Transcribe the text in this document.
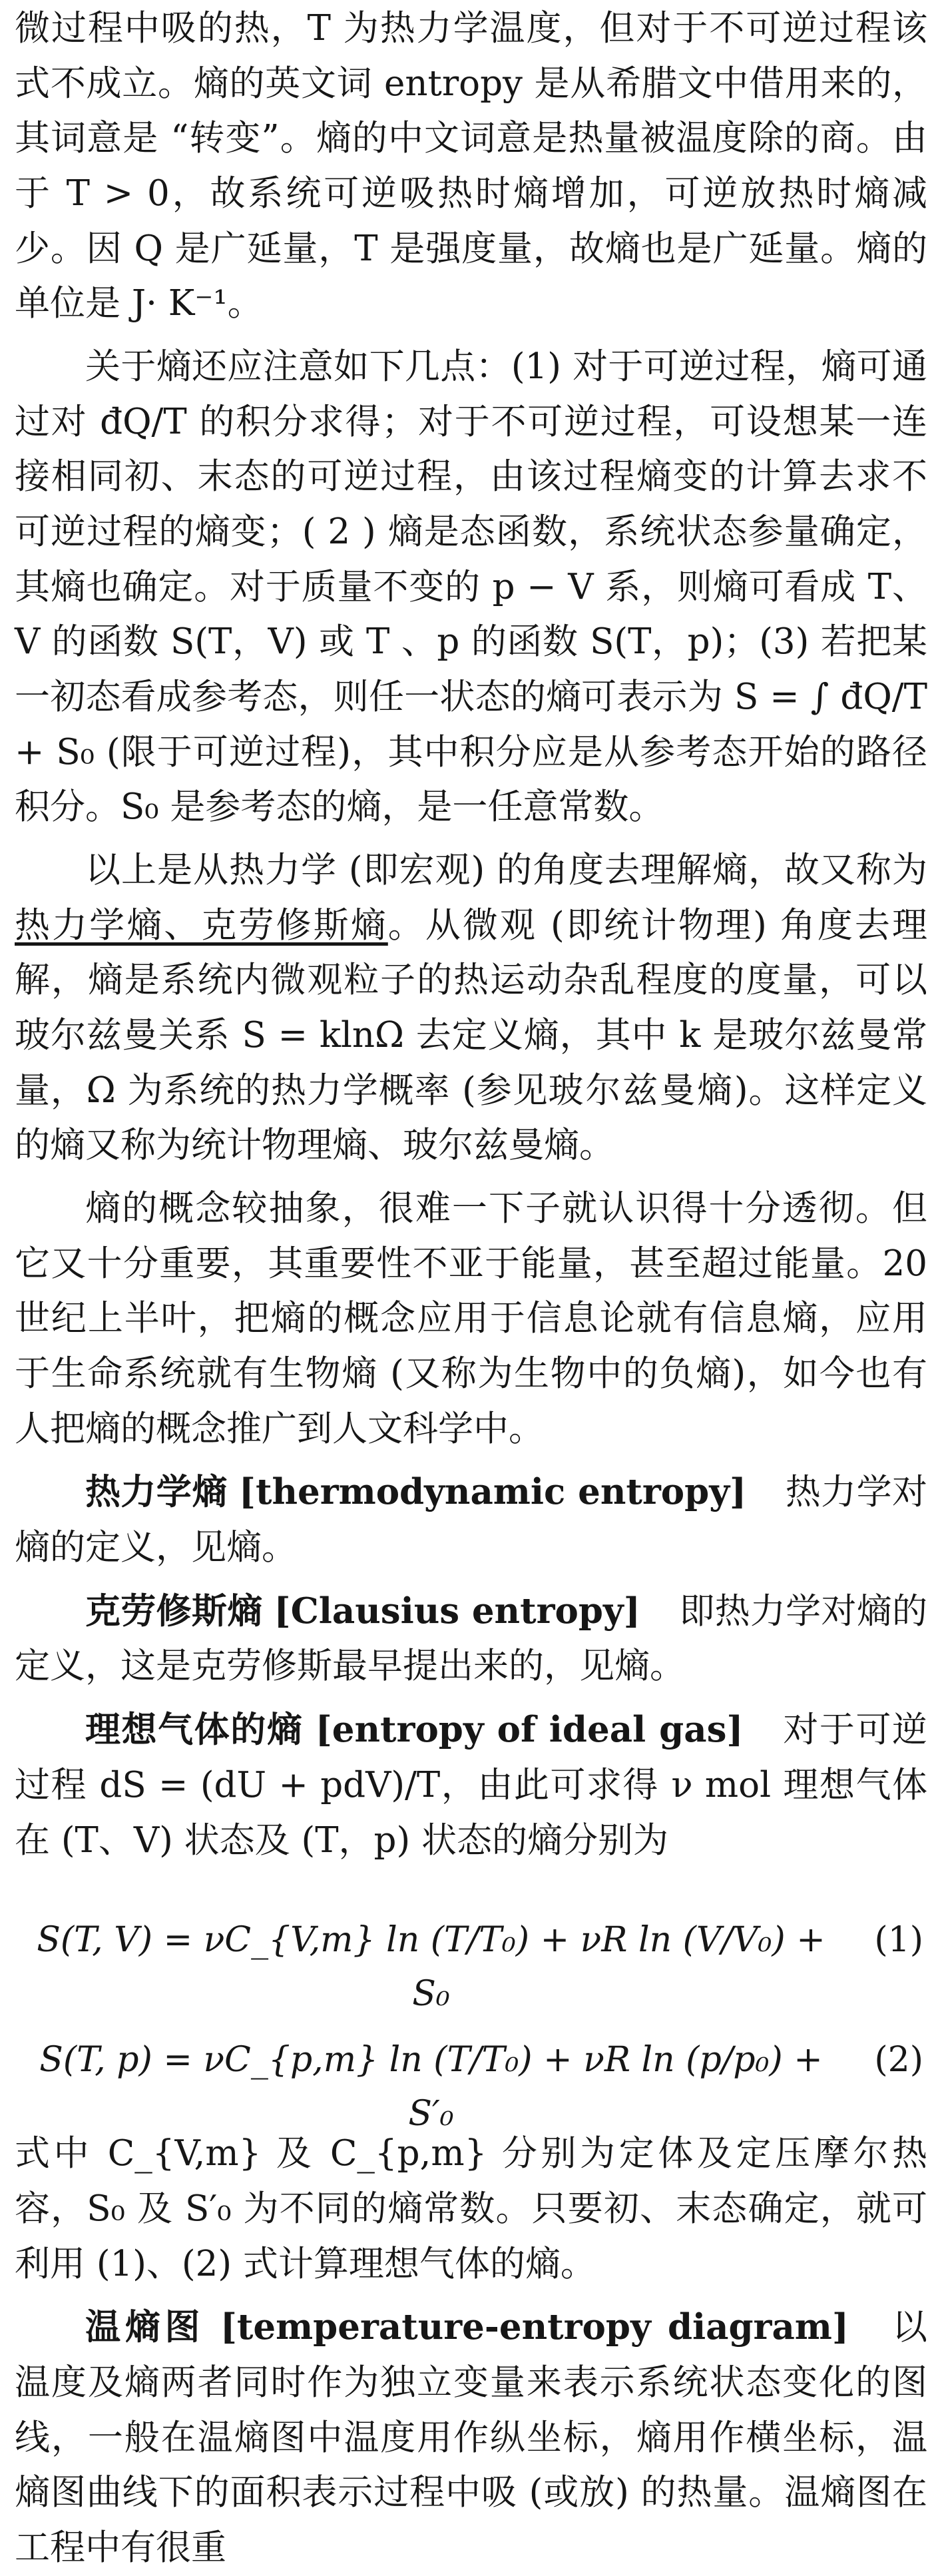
微过程中吸的热，T 为热力学温度，但对于不可逆过程该式不成立。熵的英文词 entropy 是从希腊文中借用来的，其词意是 “转变”。熵的中文词意是热量被温度除的商。由于 T > 0，故系统可逆吸热时熵增加，可逆放热时熵减少。因 Q 是广延量，T 是强度量，故熵也是广延量。熵的单位是 J· K⁻¹。

关于熵还应注意如下几点：(1) 对于可逆过程，熵可通过对 đQ/T 的积分求得；对于不可逆过程，可设想某一连接相同初、末态的可逆过程，由该过程熵变的计算去求不可逆过程的熵变；( 2 ) 熵是态函数，系统状态参量确定，其熵也确定。对于质量不变的 p − V 系，则熵可看成 T、V 的函数 S(T，V) 或 T 、p 的函数 S(T，p)；(3) 若把某一初态看成参考态，则任一状态的熵可表示为 S = ∫ đQ/T + S₀ (限于可逆过程)，其中积分应是从参考态开始的路径积分。S₀ 是参考态的熵，是一任意常数。

以上是从热力学 (即宏观) 的角度去理解熵，故又称为热力学熵、克劳修斯熵。从微观 (即统计物理) 角度去理解，熵是系统内微观粒子的热运动杂乱程度的度量，可以玻尔兹曼关系 S = klnΩ 去定义熵，其中 k 是玻尔兹曼常量，Ω 为系统的热力学概率 (参见玻尔兹曼熵)。这样定义的熵又称为统计物理熵、玻尔兹曼熵。

熵的概念较抽象，很难一下子就认识得十分透彻。但它又十分重要，其重要性不亚于能量，甚至超过能量。20 世纪上半叶，把熵的概念应用于信息论就有信息熵，应用于生命系统就有生物熵 (又称为生物中的负熵)，如今也有人把熵的概念推广到人文科学中。

热力学熵 [thermodynamic entropy] 热力学对熵的定义，见熵。

克劳修斯熵 [Clausius entropy] 即热力学对熵的定义，这是克劳修斯最早提出来的，见熵。

理想气体的熵 [entropy of ideal gas] 对于可逆过程 dS = (dU + pdV)/T，由此可求得 ν mol 理想气体在 (T、V) 状态及 (T，p) 状态的熵分别为

S(T, V) = νC_{V,m} ln (T/T₀) + νR ln (V/V₀) + S₀
(1)
S(T, p) = νC_{p,m} ln (T/T₀) + νR ln (p/p₀) + S′₀
(2)

式中 C_{V,m} 及 C_{p,m} 分别为定体及定压摩尔热容，S₀ 及 S′₀ 为不同的熵常数。只要初、末态确定，就可利用 (1)、(2) 式计算理想气体的熵。

温熵图 [temperature-entropy diagram] 以温度及熵两者同时作为独立变量来表示系统状态变化的图线，一般在温熵图中温度用作纵坐标，熵用作横坐标，温熵图曲线下的面积表示过程中吸 (或放) 的热量。温熵图在工程中有很重
